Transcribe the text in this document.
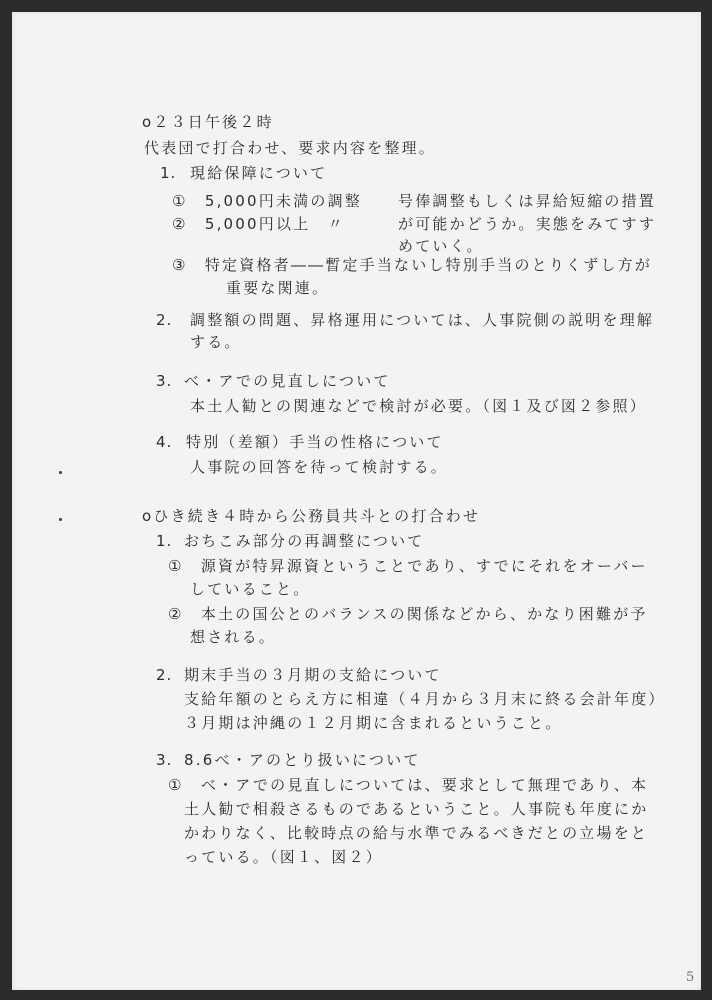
o２３日午後２時
代表団で打合わせ、要求内容を整理。
1. 現給保障について
①　5,000円未満の調整 号俸調整もしくは昇給短縮の措置
②　5,000円以上　〃	が可能かどうか。実態をみてすす
めていく。
③　特定資格者――暫定手当ないし特別手当のとりくずし方が
重要な関連。
2. 調整額の問題、昇格運用については、人事院側の説明を理解
する。
3. べ・アでの見直しについて
本土人勧との関連などで検討が必要。（図１及び図２参照）
4. 特別（差額）手当の性格について
人事院の回答を待って検討する。
oひき続き４時から公務員共斗との打合わせ
1. おちこみ部分の再調整について
①　源資が特昇源資ということであり、すでにそれをオーバー
していること。
②　本土の国公とのバランスの関係などから、かなり困難が予
想される。
2. 期末手当の３月期の支給について
支給年額のとらえ方に相違（４月から３月末に終る会計年度）
３月期は沖縄の１２月期に含まれるということ。
3. 8.6べ・アのとり扱いについて
①　べ・アでの見直しについては、要求として無理であり、本
土人勧で相殺さるものであるということ。人事院も年度にか
かわりなく、比較時点の給与水準でみるべきだとの立場をと
っている。（図１、図２）
5
